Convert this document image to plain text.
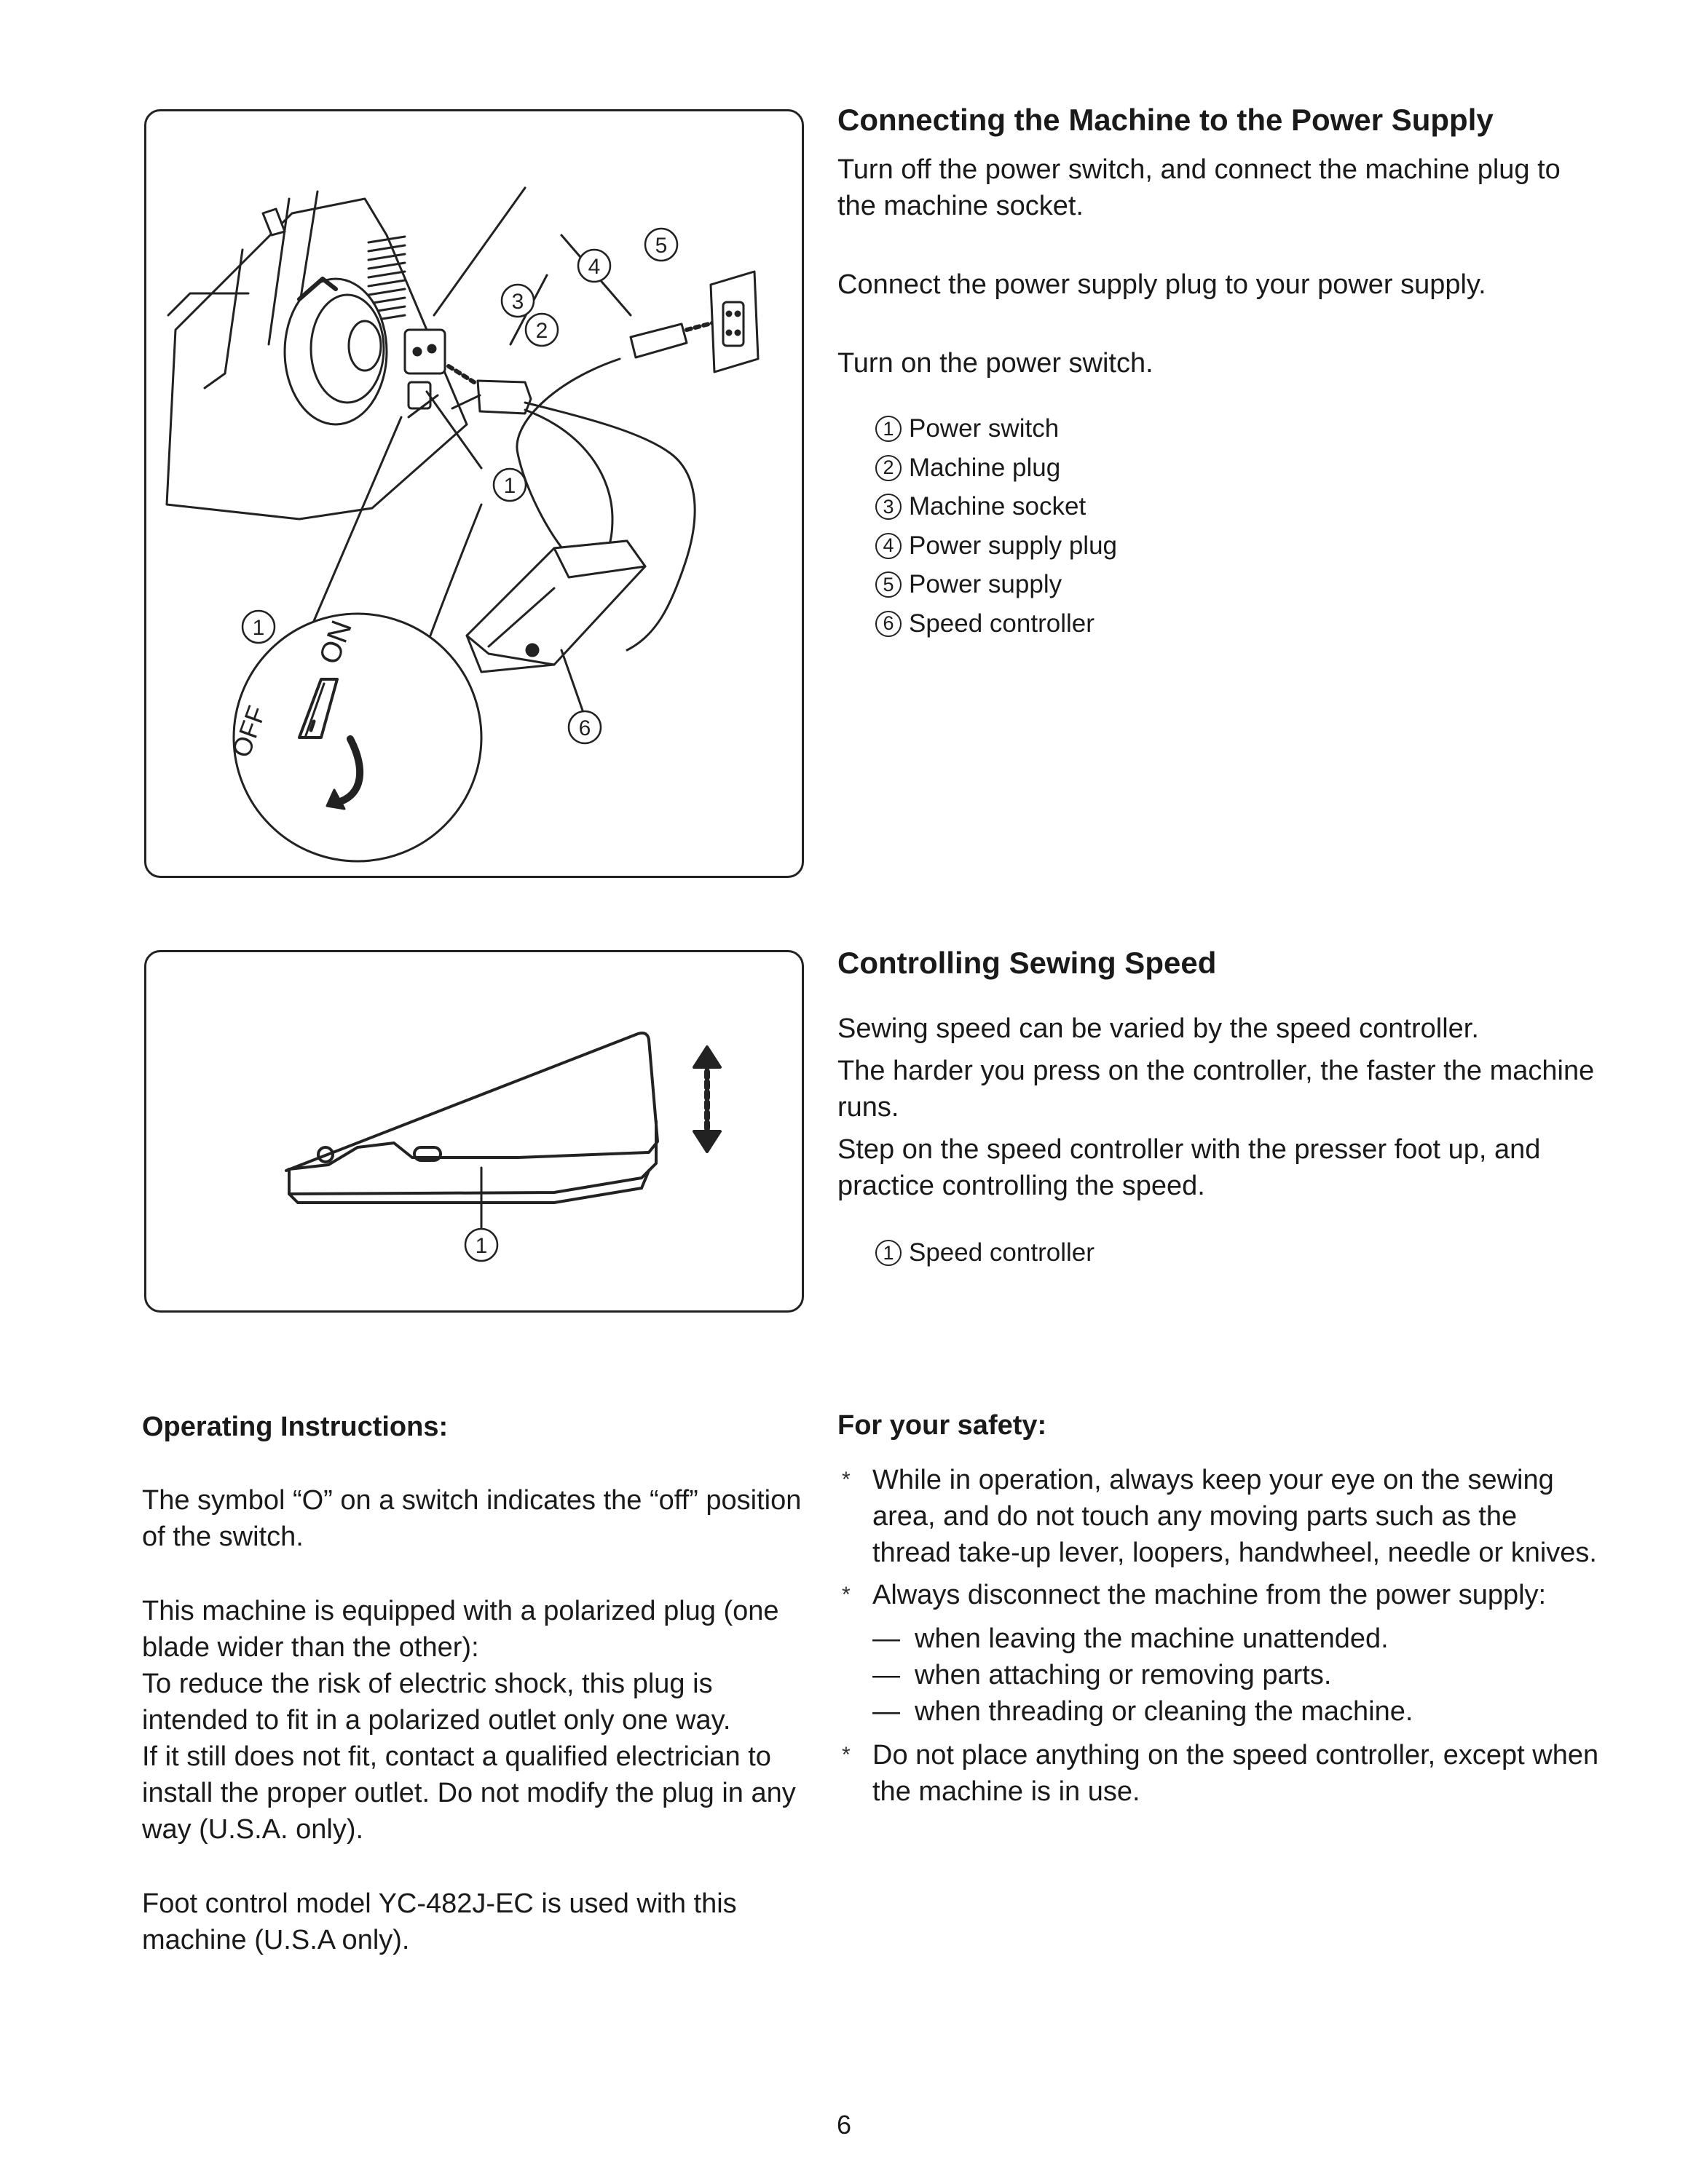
ON
OFF
1
2
3
4
5
6
1
Connecting the Machine to the Power Supply

Turn off the power switch, and connect the machine plug to the machine socket.

Connect the power supply plug to your power supply.

Turn on the power switch.

1 Power switch
2 Machine plug
3 Machine socket
4 Power supply plug
5 Power supply
6 Speed controller
1
Controlling Sewing Speed

Sewing speed can be varied by the speed controller.

The harder you press on the controller, the faster the machine runs.

Step on the speed controller with the presser foot up, and practice controlling the speed.

1 Speed controller
Operating Instructions:

The symbol “O” on a switch indicates the “off” position of the switch.

This machine is equipped with a polarized plug (one blade wider than the other):

To reduce the risk of electric shock, this plug is intended to fit in a polarized outlet only one way.

If it still does not fit, contact a qualified electrician to install the proper outlet. Do not modify the plug in any way (U.S.A. only).

Foot control model YC-482J-EC is used with this machine (U.S.A only).

For your safety:
* While in operation, always keep your eye on the sewing area, and do not touch any moving parts such as the thread take-up lever, loopers, handwheel, needle or knives.
* Always disconnect the machine from the power supply:
— when leaving the machine unattended.
— when attaching or removing parts.
— when threading or cleaning the machine.
* Do not place anything on the speed controller, except when the machine is in use.
6
